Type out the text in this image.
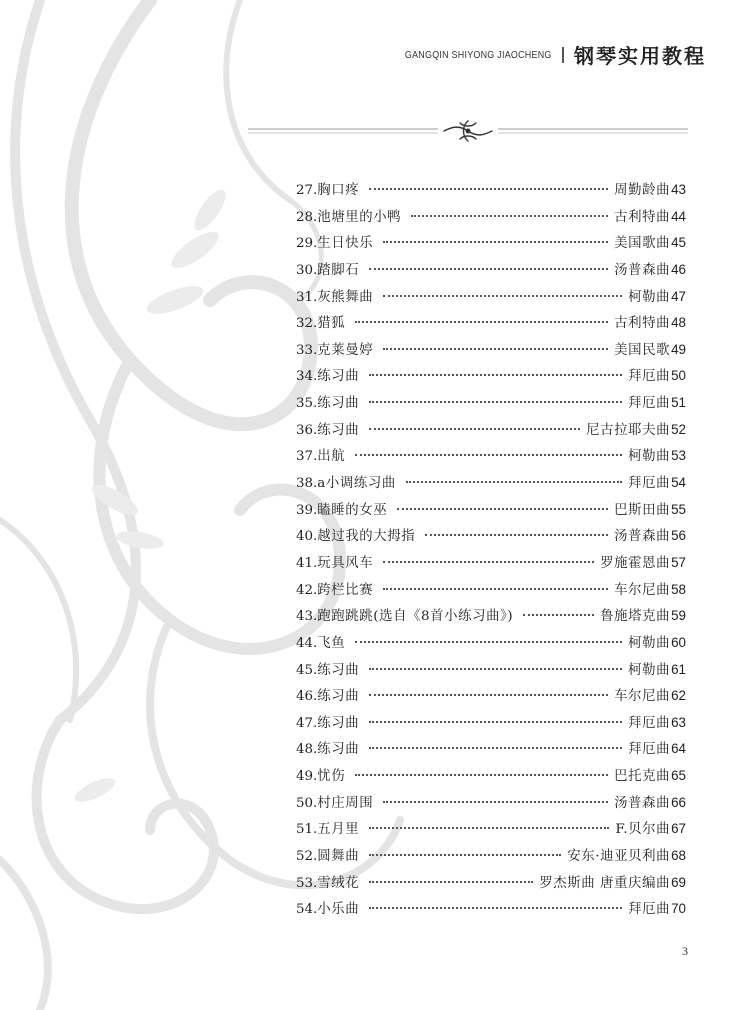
GANGQIN SHIYONG JIAOCHENG 钢琴实用教程
27. 胸口疼	周勤龄曲 43
28. 池塘里的小鸭	古利特曲 44
29. 生日快乐	美国歌曲 45
30. 踏脚石	汤普森曲 46
31. 灰熊舞曲	柯勒曲 47
32. 猎狐	古利特曲 48
33. 克莱曼婷	美国民歌 49
34. 练习曲	拜厄曲 50
35. 练习曲	拜厄曲 51
36. 练习曲	尼古拉耶夫曲 52
37. 出航	柯勒曲 53
38. a小调练习曲	拜厄曲 54
39. 瞌睡的女巫	巴斯田曲 55
40. 越过我的大拇指	汤普森曲 56
41. 玩具风车	罗施霍恩曲 57
42. 跨栏比赛	车尔尼曲 58
43. 跑跑跳跳(选自《8首小练习曲》)	鲁施塔克曲 59
44. 飞鱼	柯勒曲 60
45. 练习曲	柯勒曲 61
46. 练习曲	车尔尼曲 62
47. 练习曲	拜厄曲 63
48. 练习曲	拜厄曲 64
49. 忧伤	巴托克曲 65
50. 村庄周围	汤普森曲 66
51. 五月里	F.贝尔曲 67
52. 圆舞曲	安东·迪亚贝利曲 68
53. 雪绒花	罗杰斯曲 唐重庆编曲 69
54. 小乐曲	拜厄曲 70
3
